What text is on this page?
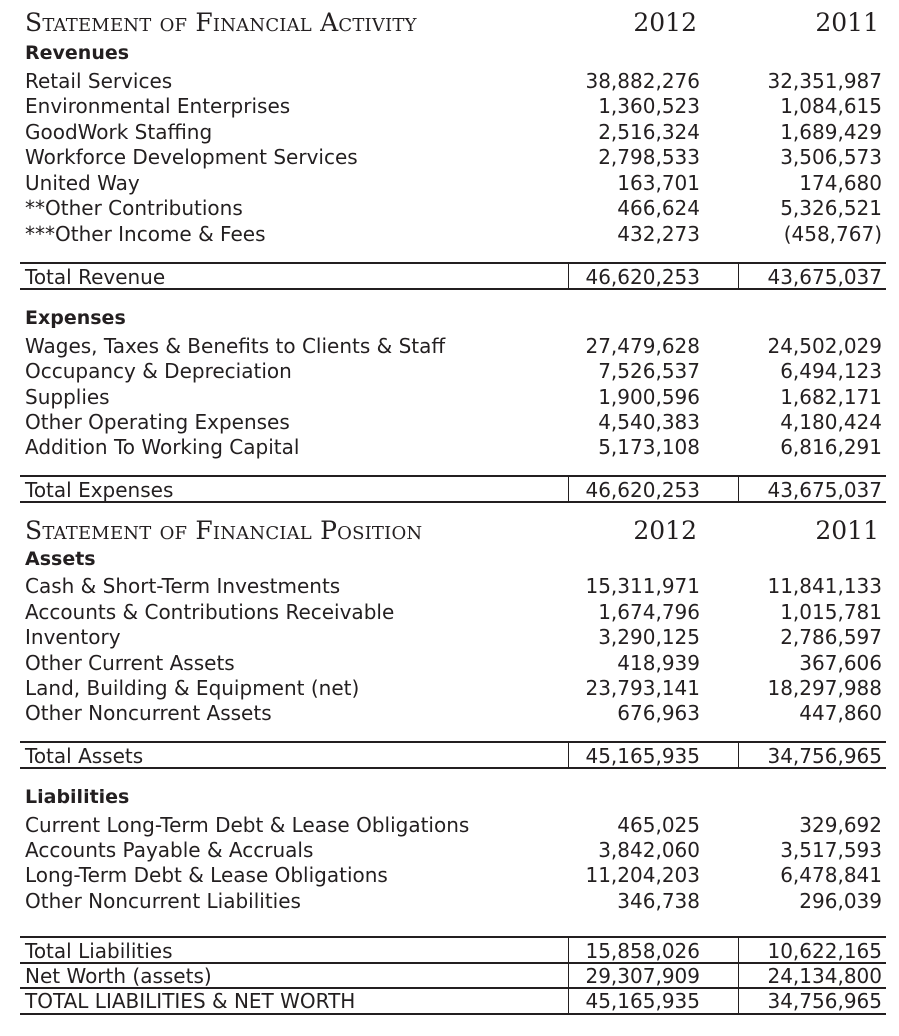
Statement of Financial Activity	2012	2011
Revenues
Retail Services	38,882,276	32,351,987
Environmental Enterprises	1,360,523	1,084,615
GoodWork Staffing	2,516,324	1,689,429
Workforce Development Services	2,798,533	3,506,573
United Way	163,701	174,680
**Other Contributions	466,624	5,326,521
***Other Income & Fees	432,273	(458,767)
Total Revenue	46,620,253	43,675,037
Expenses
Wages, Taxes & Benefits to Clients & Staff	27,479,628	24,502,029
Occupancy & Depreciation	7,526,537	6,494,123
Supplies	1,900,596	1,682,171
Other Operating Expenses	4,540,383	4,180,424
Addition To Working Capital	5,173,108	6,816,291
Total Expenses	46,620,253	43,675,037
Statement of Financial Position	2012	2011
Assets
Cash & Short-Term Investments	15,311,971	11,841,133
Accounts & Contributions Receivable	1,674,796	1,015,781
Inventory	3,290,125	2,786,597
Other Current Assets	418,939	367,606
Land, Building & Equipment (net)	23,793,141	18,297,988
Other Noncurrent Assets	676,963	447,860
Total Assets	45,165,935	34,756,965
Liabilities
Current Long-Term Debt & Lease Obligations	465,025	329,692
Accounts Payable & Accruals	3,842,060	3,517,593
Long-Term Debt & Lease Obligations	11,204,203	6,478,841
Other Noncurrent Liabilities	346,738	296,039
Total Liabilities	15,858,026	10,622,165
Net Worth (assets)	29,307,909	24,134,800
TOTAL LIABILITIES & NET WORTH	45,165,935	34,756,965
